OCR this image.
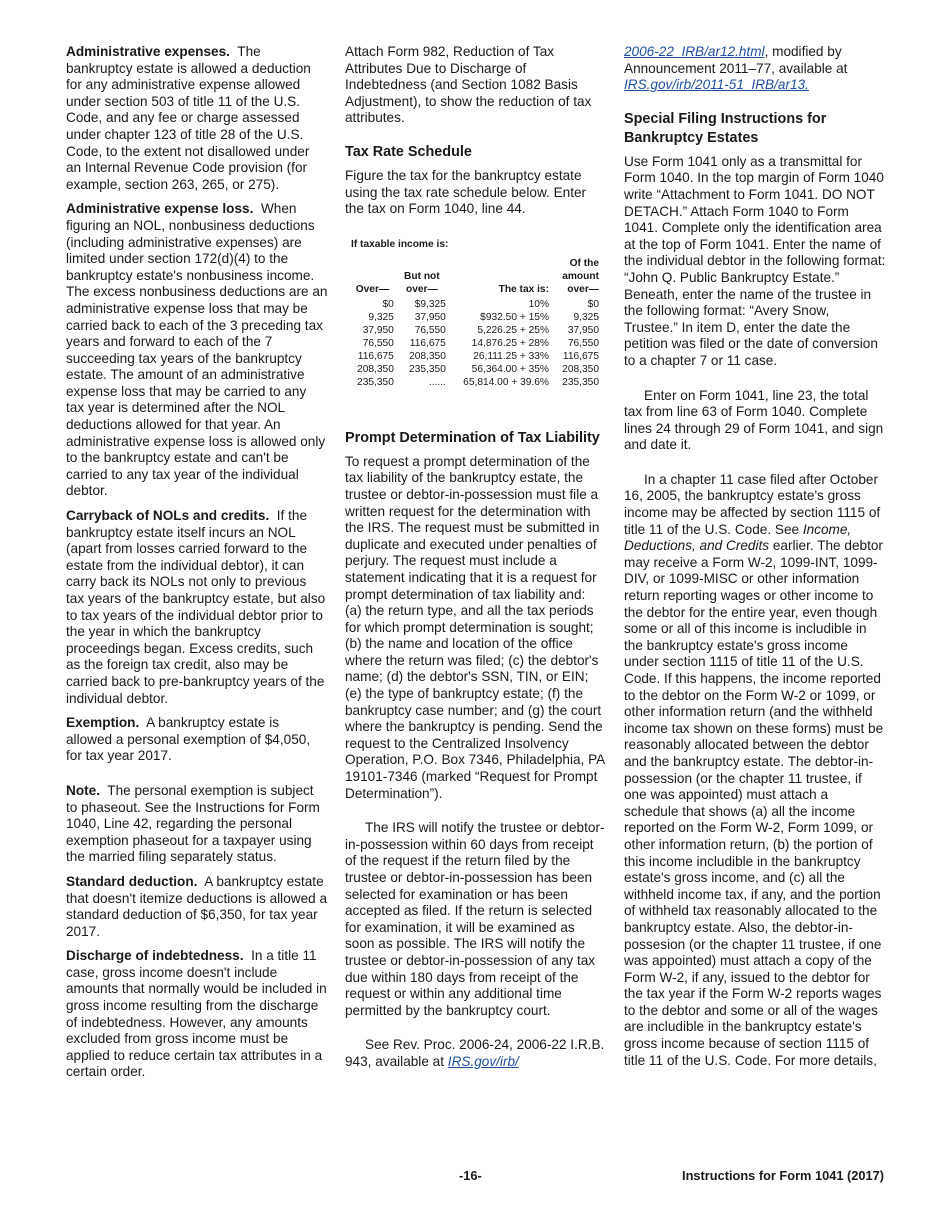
Administrative expenses. The bankruptcy estate is allowed a deduction for any administrative expense allowed under section 503 of title 11 of the U.S. Code, and any fee or charge assessed under chapter 123 of title 28 of the U.S. Code, to the extent not disallowed under an Internal Revenue Code provision (for example, section 263, 265, or 275).

Administrative expense loss. When figuring an NOL, nonbusiness deductions (including administrative expenses) are limited under section 172(d)(4) to the bankruptcy estate's nonbusiness income. The excess nonbusiness deductions are an administrative expense loss that may be carried back to each of the 3 preceding tax years and forward to each of the 7 succeeding tax years of the bankruptcy estate. The amount of an administrative expense loss that may be carried to any tax year is determined after the NOL deductions allowed for that year. An administrative expense loss is allowed only to the bankruptcy estate and can't be carried to any tax year of the individual debtor.

Carryback of NOLs and credits. If the bankruptcy estate itself incurs an NOL (apart from losses carried forward to the estate from the individual debtor), it can carry back its NOLs not only to previous tax years of the bankruptcy estate, but also to tax years of the individual debtor prior to the year in which the bankruptcy proceedings began. Excess credits, such as the foreign tax credit, also may be carried back to pre-bankruptcy years of the individual debtor.

Exemption. A bankruptcy estate is allowed a personal exemption of $4,050, for tax year 2017.

Note. The personal exemption is subject to phaseout. See the Instructions for Form 1040, Line 42, regarding the personal exemption phaseout for a taxpayer using the married filing separately status.

Standard deduction. A bankruptcy estate that doesn't itemize deductions is allowed a standard deduction of $6,350, for tax year 2017.

Discharge of indebtedness. In a title 11 case, gross income doesn't include amounts that normally would be included in gross income resulting from the discharge of indebtedness. However, any amounts excluded from gross income must be applied to reduce certain tax attributes in a certain order.

Attach Form 982, Reduction of Tax Attributes Due to Discharge of Indebtedness (and Section 1082 Basis Adjustment), to show the reduction of tax attributes.

Tax Rate Schedule

Figure the tax for the bankruptcy estate using the tax rate schedule below. Enter the tax on Form 1040, line 44.

If taxable income is:			
Over—	But not over—	The tax is:	Of the amount over—
$0	$9,325	10%	$0
9,325	37,950	$932.50 + 15%	9,325
37,950	76,550	5,226.25 + 25%	37,950
76,550	116,675	14,876.25 + 28%	76,550
116,675	208,350	26,111.25 + 33%	116,675
208,350	235,350	56,364.00 + 35%	208,350
235,350	......	65,814.00 + 39.6%	235,350
Prompt Determination of Tax Liability

To request a prompt determination of the tax liability of the bankruptcy estate, the trustee or debtor-in-possession must file a written request for the determination with the IRS. The request must be submitted in duplicate and executed under penalties of perjury. The request must include a statement indicating that it is a request for prompt determination of tax liability and: (a) the return type, and all the tax periods for which prompt determination is sought; (b) the name and location of the office where the return was filed; (c) the debtor's name; (d) the debtor's SSN, TIN, or EIN; (e) the type of bankruptcy estate; (f) the bankruptcy case number; and (g) the court where the bankruptcy is pending. Send the request to the Centralized Insolvency Operation, P.O. Box 7346, Philadelphia, PA 19101-7346 (marked “Request for Prompt Determination”).

The IRS will notify the trustee or debtor-in-possession within 60 days from receipt of the request if the return filed by the trustee or debtor-in-possession has been selected for examination or has been accepted as filed. If the return is selected for examination, it will be examined as soon as possible. The IRS will notify the trustee or debtor-in-possession of any tax due within 180 days from receipt of the request or within any additional time permitted by the bankruptcy court.

See Rev. Proc. 2006-24, 2006-22 I.R.B. 943, available at IRS.gov/irb/

2006-22_IRB/ar12.html, modified by Announcement 2011–77, available at IRS.gov/irb/2011-51_IRB/ar13.

Special Filing Instructions for Bankruptcy Estates

Use Form 1041 only as a transmittal for Form 1040. In the top margin of Form 1040 write “Attachment to Form 1041. DO NOT DETACH.” Attach Form 1040 to Form 1041. Complete only the identification area at the top of Form 1041. Enter the name of the individual debtor in the following format: “John Q. Public Bankruptcy Estate.” Beneath, enter the name of the trustee in the following format: “Avery Snow, Trustee.” In item D, enter the date the petition was filed or the date of conversion to a chapter 7 or 11 case.

Enter on Form 1041, line 23, the total tax from line 63 of Form 1040. Complete lines 24 through 29 of Form 1041, and sign and date it.

In a chapter 11 case filed after October 16, 2005, the bankruptcy estate's gross income may be affected by section 1115 of title 11 of the U.S. Code. See Income, Deductions, and Credits earlier. The debtor may receive a Form W-2, 1099-INT, 1099-DIV, or 1099-MISC or other information return reporting wages or other income to the debtor for the entire year, even though some or all of this income is includible in the bankruptcy estate's gross income under section 1115 of title 11 of the U.S. Code. If this happens, the income reported to the debtor on the Form W-2 or 1099, or other information return (and the withheld income tax shown on these forms) must be reasonably allocated between the debtor and the bankruptcy estate. The debtor-in-possession (or the chapter 11 trustee, if one was appointed) must attach a schedule that shows (a) all the income reported on the Form W-2, Form 1099, or other information return, (b) the portion of this income includible in the bankruptcy estate's gross income, and (c) all the withheld income tax, if any, and the portion of withheld tax reasonably allocated to the bankruptcy estate. Also, the debtor-in-possesion (or the chapter 11 trustee, if one was appointed) must attach a copy of the Form W-2, if any, issued to the debtor for the tax year if the Form W-2 reports wages to the debtor and some or all of the wages are includible in the bankruptcy estate's gross income because of section 1115 of title 11 of the U.S. Code. For more details,

-16-	Instructions for Form 1041 (2017)
